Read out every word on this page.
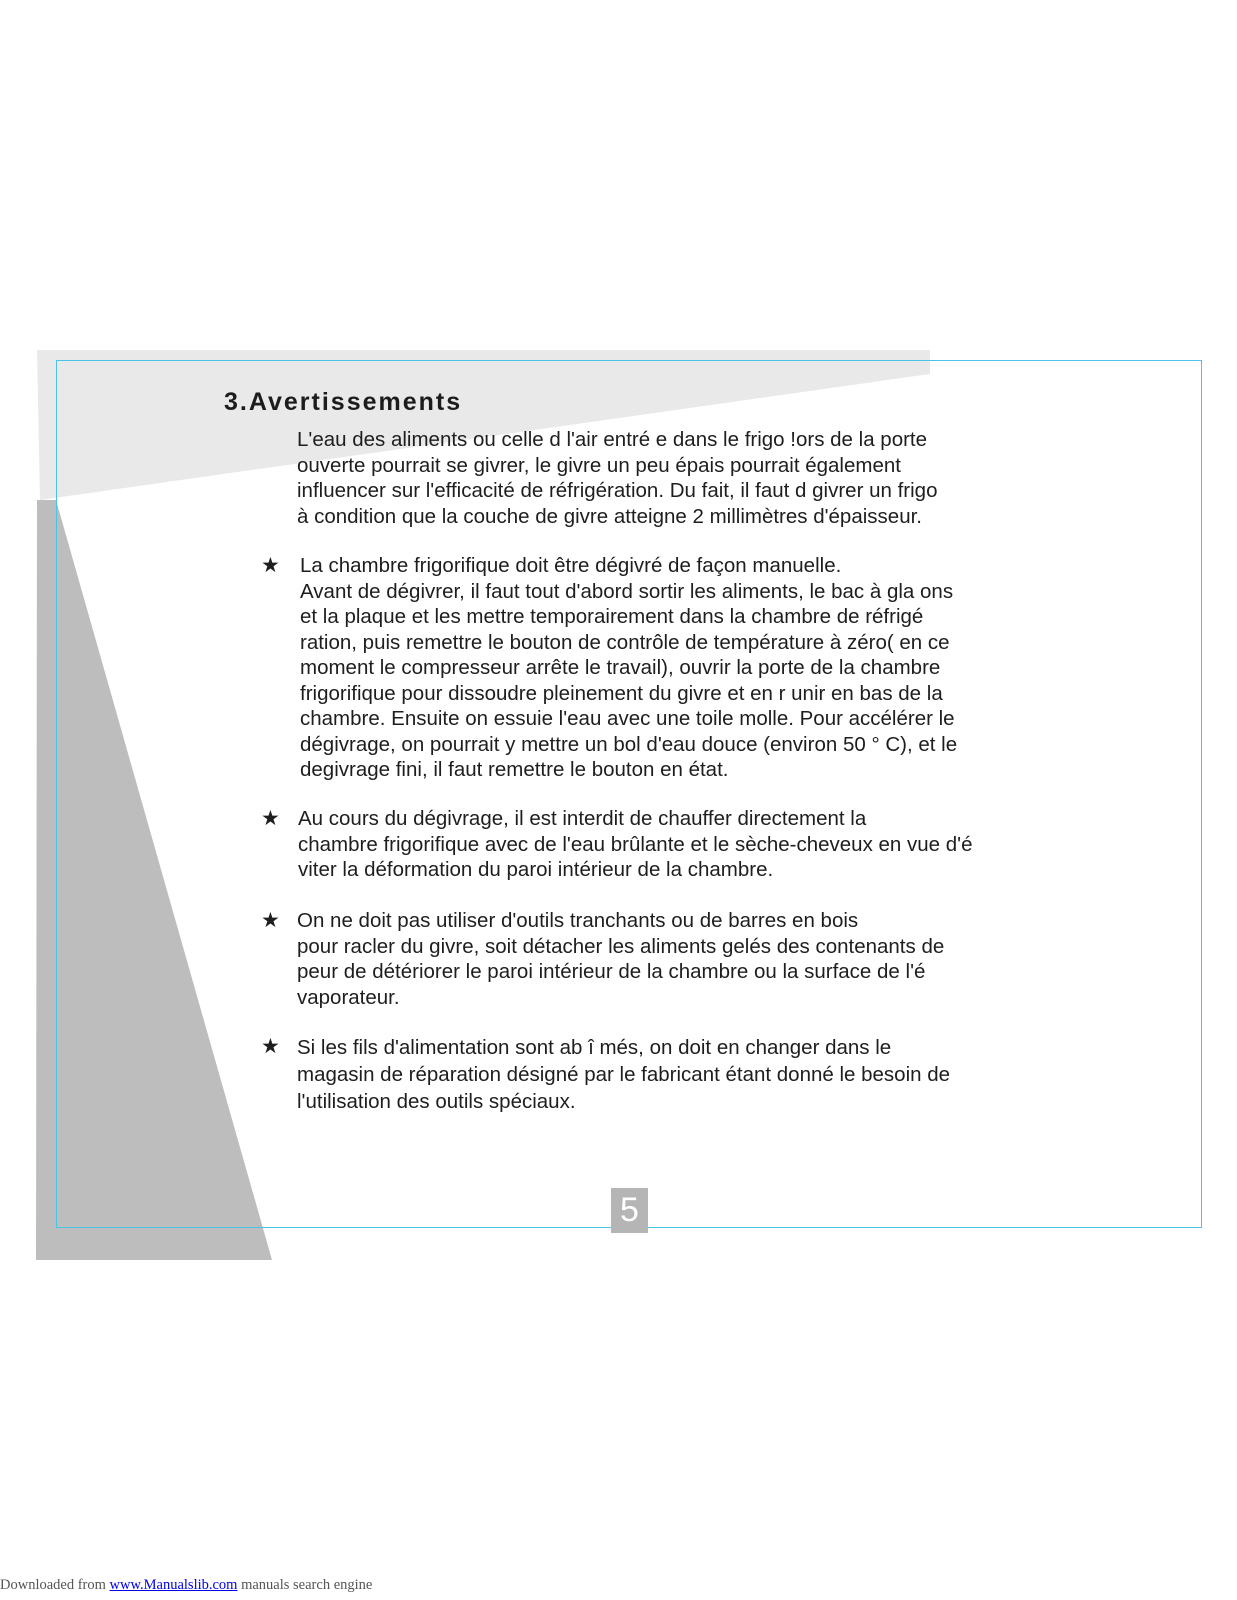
3.Avertissements
L'eau des aliments ou celle d l'air entré e dans le frigo !ors de la porte
ouverte pourrait se givrer, le givre un peu épais pourrait également
influencer sur l'efficacité de réfrigération. Du fait, il faut d givrer un frigo
à condition que la couche de givre atteigne 2 millimètres d'épaisseur.
★ La chambre frigorifique doit être dégivré de façon manuelle.
Avant de dégivrer, il faut tout d'abord sortir les aliments, le bac à gla ons
et la plaque et les mettre temporairement dans la chambre de réfrigé
ration, puis remettre le bouton de contrôle de température à zéro( en ce
moment le compresseur arrête le travail), ouvrir la porte de la chambre
frigorifique pour dissoudre pleinement du givre et en r unir en bas de la
chambre. Ensuite on essuie l'eau avec une toile molle. Pour accélérer le
dégivrage, on pourrait y mettre un bol d'eau douce (environ 50 ° C), et le
degivrage fini, il faut remettre le bouton en état.
★ Au cours du dégivrage, il est interdit de chauffer directement la
chambre frigorifique avec de l'eau brûlante et le sèche-cheveux en vue d'é
viter la déformation du paroi intérieur de la chambre.
★ On ne doit pas utiliser d'outils tranchants ou de barres en bois
pour racler du givre, soit détacher les aliments gelés des contenants de
peur de détériorer le paroi intérieur de la chambre ou la surface de l'é
vaporateur.
★ Si les fils d'alimentation sont ab î més, on doit en changer dans le
magasin de réparation désigné par le fabricant étant donné le besoin de
l'utilisation des outils spéciaux.
5
Downloaded from www.Manualslib.com manuals search engine
